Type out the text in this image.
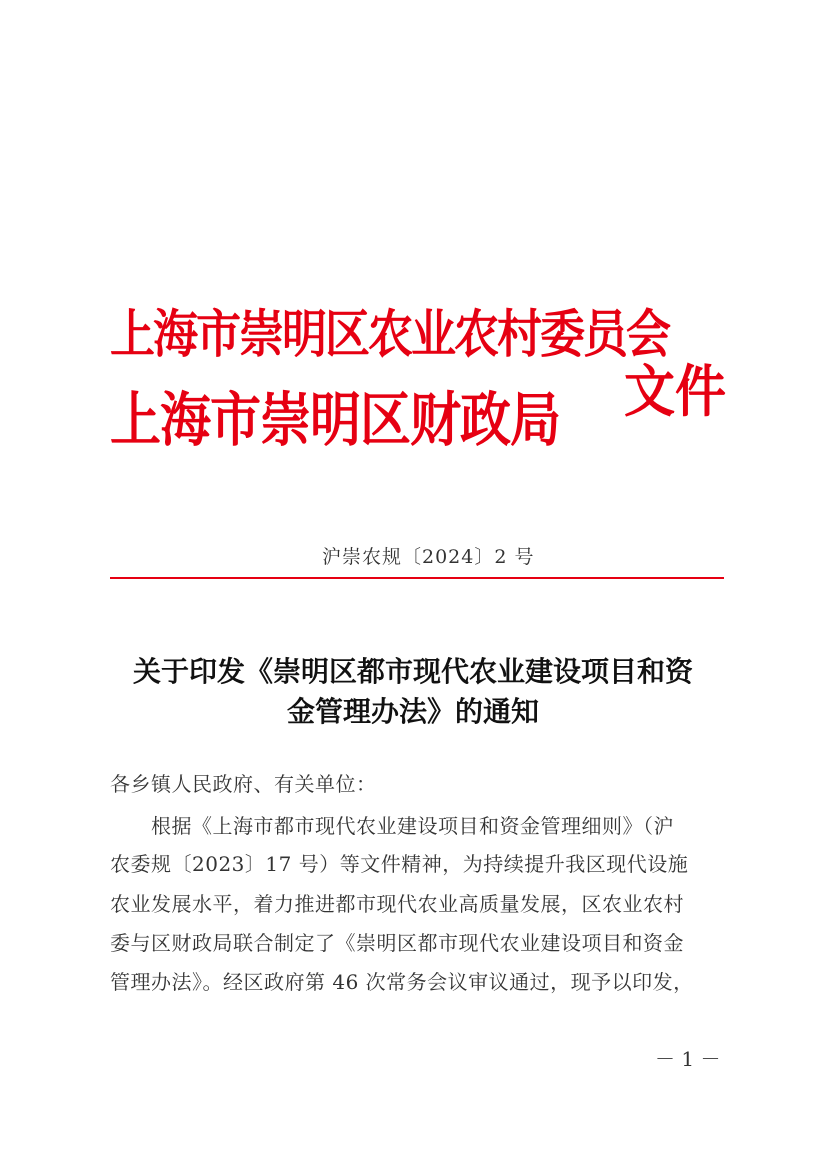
上海市崇明区农业农村委员会
上海市崇明区财政局 文件
沪崇农规〔2024〕2 号
关于印发《崇明区都市现代农业建设项目和资
金管理办法》的通知
各乡镇人民政府、有关单位：
根据《上海市都市现代农业建设项目和资金管理细则》（沪
农委规〔2023〕17 号）等文件精神，为持续提升我区现代设施
农业发展水平，着力推进都市现代农业高质量发展，区农业农村
委与区财政局联合制定了《崇明区都市现代农业建设项目和资金
管理办法》。经区政府第 46 次常务会议审议通过，现予以印发，
－ 1 －
